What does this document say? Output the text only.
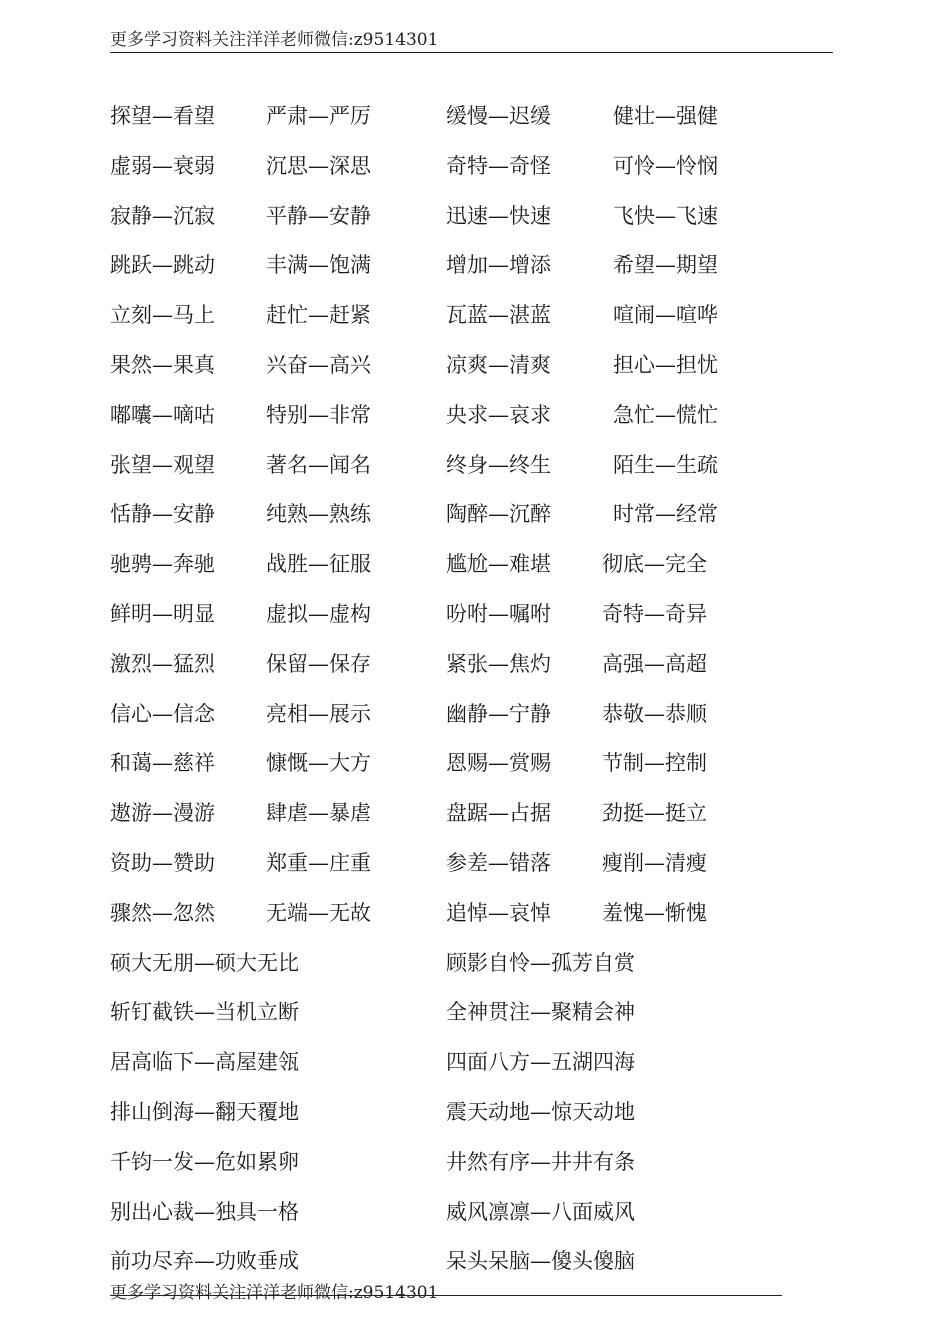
更多学习资料关注洋洋老师微信:z9514301
探望—看望 严肃—严厉	缓慢—迟缓	健壮—强健
虚弱—衰弱 沉思—深思	奇特—奇怪	可怜—怜悯
寂静—沉寂 平静—安静	迅速—快速	飞快—飞速
跳跃—跳动 丰满—饱满	增加—增添	希望—期望
立刻—马上 赶忙—赶紧	瓦蓝—湛蓝	喧闹—喧哗
果然—果真 兴奋—高兴	凉爽—清爽	担心—担忧
嘟囔—嘀咕 特别—非常	央求—哀求	急忙—慌忙
张望—观望 著名—闻名	终身—终生	陌生—生疏
恬静—安静 纯熟—熟练	陶醉—沉醉	时常—经常
驰骋—奔驰 战胜—征服	尴尬—难堪 彻底—完全
鲜明—明显 虚拟—虚构	吩咐—嘱咐 奇特—奇异
激烈—猛烈 保留—保存	紧张—焦灼 高强—高超
信心—信念 亮相—展示	幽静—宁静 恭敬—恭顺
和蔼—慈祥 慷慨—大方	恩赐—赏赐 节制—控制
遨游—漫游 肆虐—暴虐	盘踞—占据 劲挺—挺立
资助—赞助 郑重—庄重	参差—错落 瘦削—清瘦
骤然—忽然 无端—无故	追悼—哀悼 羞愧—惭愧
硕大无朋—硕大无比	顾影自怜—孤芳自赏
斩钉截铁—当机立断	全神贯注—聚精会神
居高临下—高屋建瓴	四面八方—五湖四海
排山倒海—翻天覆地	震天动地—惊天动地
千钧一发—危如累卵	井然有序—井井有条
别出心裁—独具一格	威风凛凛—八面威风
前功尽弃—功败垂成	呆头呆脑—傻头傻脑
更多学习资料关注洋洋老师微信:z9514301
